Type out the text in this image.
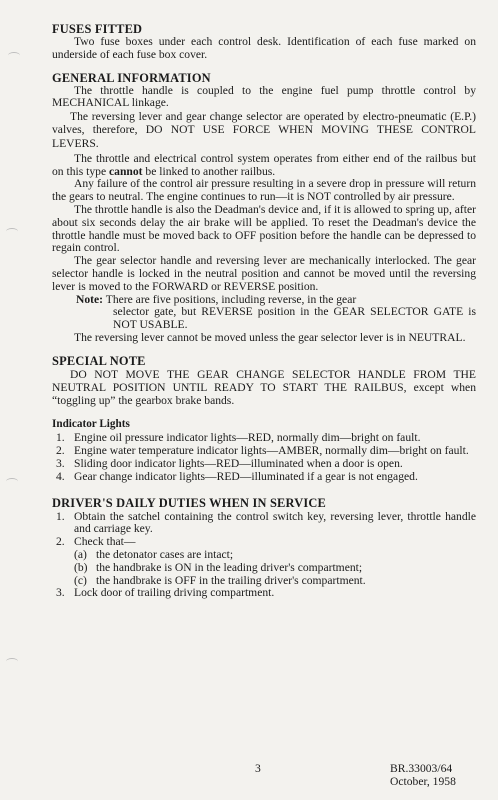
FUSES FITTED

Two fuse boxes under each control desk. Identification of each fuse marked on underside of each fuse box cover.

GENERAL INFORMATION

The throttle handle is coupled to the engine fuel pump throttle control by MECHANICAL linkage.

The reversing lever and gear change selector are operated by electro-pneumatic (E.P.) valves, therefore, DO NOT USE FORCE WHEN MOVING THESE CONTROL LEVERS.

The throttle and electrical control system operates from either end of the railbus but on this type cannot be linked to another railbus.

Any failure of the control air pressure resulting in a severe drop in pressure will return the gears to neutral. The engine continues to run—it is NOT controlled by air pressure.

The throttle handle is also the Deadman's device and, if it is allowed to spring up, after about six seconds delay the air brake will be applied. To reset the Deadman's device the throttle handle must be moved back to OFF position before the handle can be depressed to regain control.

The gear selector handle and reversing lever are mechanically interlocked. The gear selector handle is locked in the neutral position and cannot be moved until the reversing lever is moved to the FORWARD or REVERSE position.

Note: There are five positions, including reverse, in the gear
selector gate, but REVERSE position in the GEAR SELECTOR GATE is NOT USABLE.

The reversing lever cannot be moved unless the gear selector lever is in NEUTRAL.

SPECIAL NOTE

DO NOT MOVE THE GEAR CHANGE SELECTOR HANDLE FROM THE NEUTRAL POSITION UNTIL READY TO START THE RAILBUS, except when “toggling up” the gearbox brake bands.

Indicator Lights
1. Engine oil pressure indicator lights—RED, normally dim—bright on fault.
2. Engine water temperature indicator lights—AMBER, normally dim—bright on fault.
3. Sliding door indicator lights—RED—illuminated when a door is open.
4. Gear change indicator lights—RED—illuminated if a gear is not engaged.
DRIVER'S DAILY DUTIES WHEN IN SERVICE
1. Obtain the satchel containing the control switch key, reversing lever, throttle handle and carriage key.
2. Check that—
(a) the detonator cases are intact;
(b) the handbrake is ON in the leading driver's compartment;
(c) the handbrake is OFF in the trailing driver's compartment.
3. Lock door of trailing driving compartment.
3	BR.33003/64
October, 1958
